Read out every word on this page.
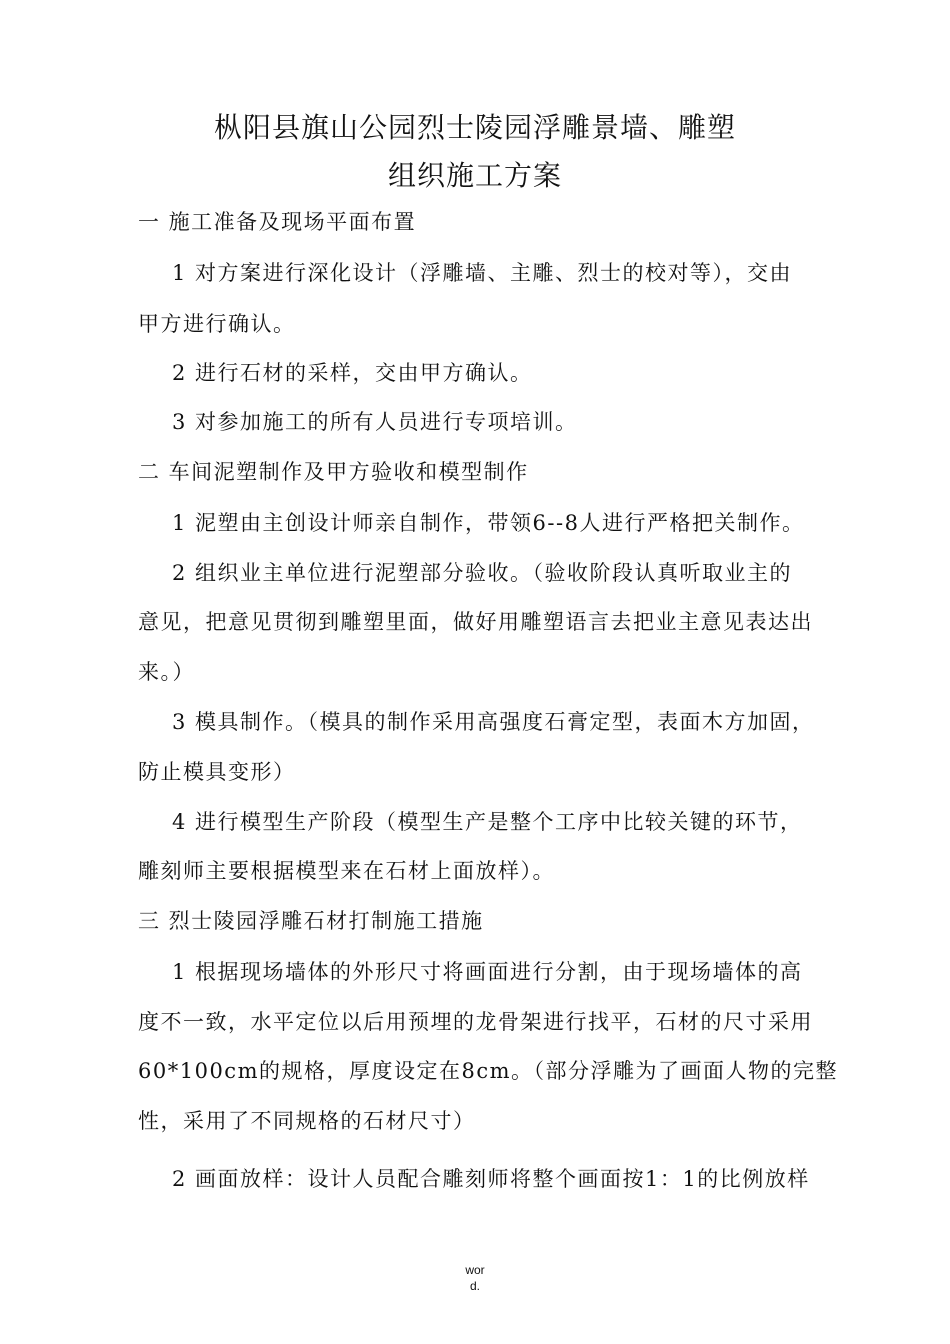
枞阳县旗山公园烈士陵园浮雕景墙、雕塑
组织施工方案
一 施工准备及现场平面布置
1 对方案进行深化设计（浮雕墙、主雕、烈士的校对等），交由
甲方进行确认。
2 进行石材的采样，交由甲方确认。
3 对参加施工的所有人员进行专项培训。
二 车间泥塑制作及甲方验收和模型制作
1 泥塑由主创设计师亲自制作，带领6--8人进行严格把关制作。
2 组织业主单位进行泥塑部分验收。（验收阶段认真听取业主的
意见，把意见贯彻到雕塑里面，做好用雕塑语言去把业主意见表达出
来。）
3 模具制作。（模具的制作采用高强度石膏定型，表面木方加固，
防止模具变形）
4 进行模型生产阶段（模型生产是整个工序中比较关键的环节，
雕刻师主要根据模型来在石材上面放样）。
三 烈士陵园浮雕石材打制施工措施
1 根据现场墙体的外形尺寸将画面进行分割，由于现场墙体的高
度不一致，水平定位以后用预埋的龙骨架进行找平，石材的尺寸采用
60*100cm的规格，厚度设定在8cm。（部分浮雕为了画面人物的完整
性，采用了不同规格的石材尺寸）
2 画面放样：设计人员配合雕刻师将整个画面按1：1的比例放样
wor
d.
